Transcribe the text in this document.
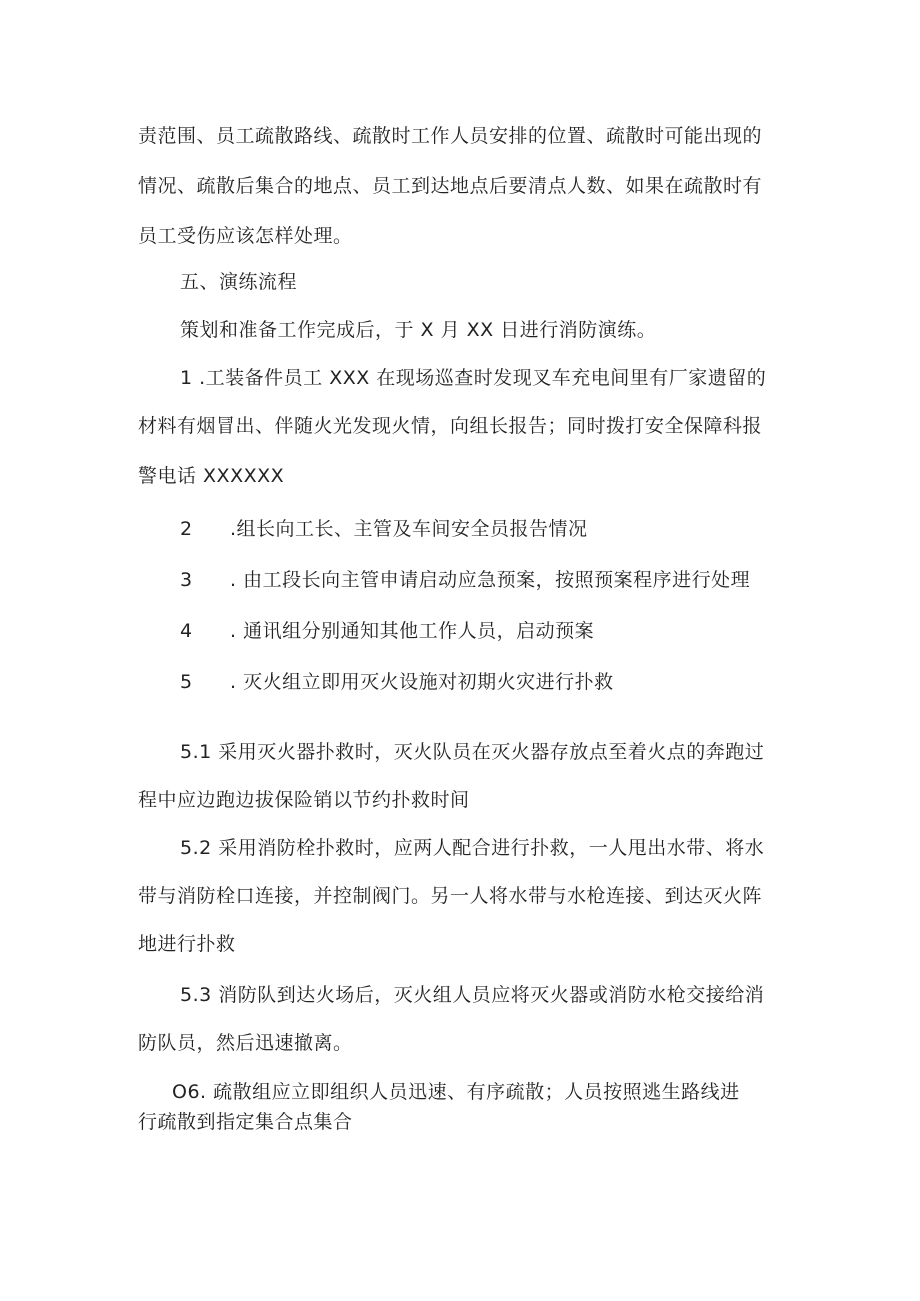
责范围、员工疏散路线、疏散时工作人员安排的位置、疏散时可能出现的
情况、疏散后集合的地点、员工到达地点后要清点人数、如果在疏散时有
员工受伤应该怎样处理。
五、演练流程
策划和准备工作完成后，于 X 月 XX 日进行消防演练。
1 .工装备件员工 XXX 在现场巡查时发现叉车充电间里有厂家遗留的
材料有烟冒出、伴随火光发现火情，向组长报告；同时拨打安全保障科报
警电话 XXXXXX
2 .组长向工长、主管及车间安全员报告情况
3 . 由工段长向主管申请启动应急预案，按照预案程序进行处理
4 . 通讯组分别通知其他工作人员，启动预案
5 . 灭火组立即用灭火设施对初期火灾进行扑救
5.1 采用灭火器扑救时，灭火队员在灭火器存放点至着火点的奔跑过
程中应边跑边拔保险销以节约扑救时间
5.2 采用消防栓扑救时，应两人配合进行扑救，一人甩出水带、将水
带与消防栓口连接，并控制阀门。另一人将水带与水枪连接、到达灭火阵
地进行扑救
5.3 消防队到达火场后，灭火组人员应将灭火器或消防水枪交接给消
防队员，然后迅速撤离。
O6. 疏散组应立即组织人员迅速、有序疏散；人员按照逃生路线进
行疏散到指定集合点集合
